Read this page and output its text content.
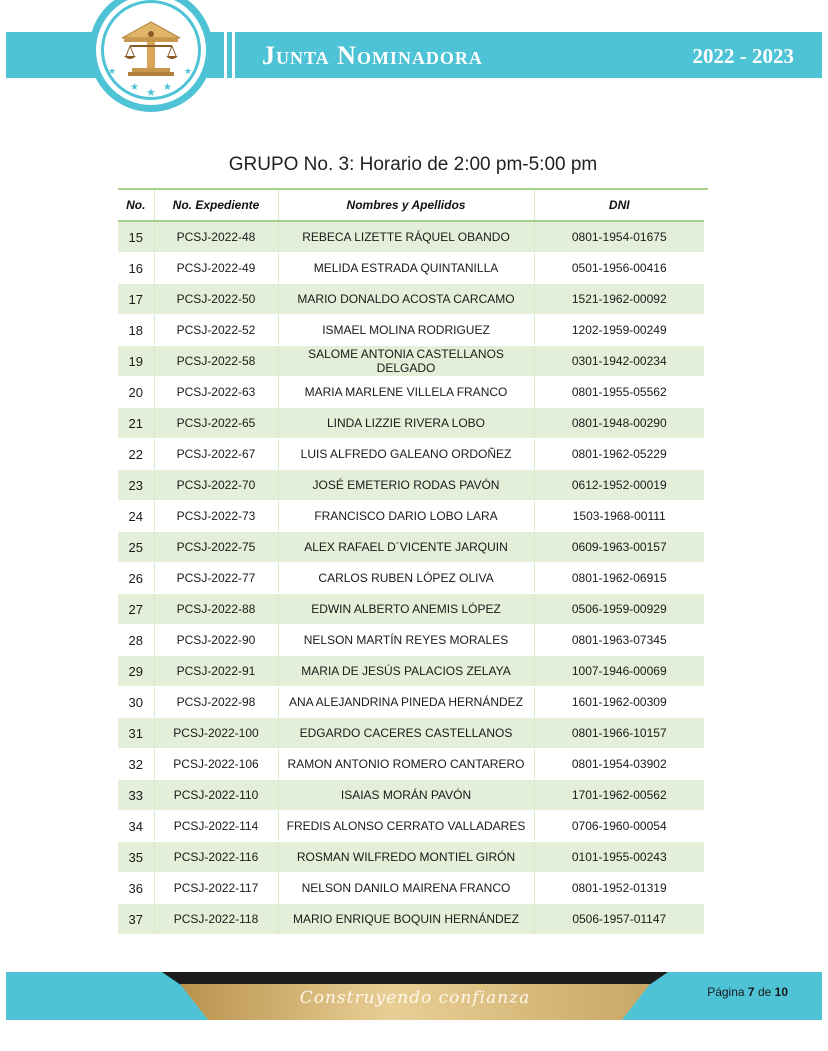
★ ★ ★
★	★
Junta Nominadora	2022 - 2023
GRUPO No. 3: Horario de 2:00 pm-5:00 pm
No.	No. Expediente	Nombres y Apellidos	DNI
15	PCSJ-2022-48	REBECA LIZETTE RÁQUEL OBANDO	0801-1954-01675
16	PCSJ-2022-49	MELIDA ESTRADA QUINTANILLA	0501-1956-00416
17	PCSJ-2022-50	MARIO DONALDO ACOSTA CARCAMO	1521-1962-00092
18	PCSJ-2022-52	ISMAEL MOLINA RODRIGUEZ	1202-1959-00249
19	PCSJ-2022-58	SALOME ANTONIA CASTELLANOS DELGADO	0301-1942-00234
20	PCSJ-2022-63	MARIA MARLENE VILLELA FRANCO	0801-1955-05562
21	PCSJ-2022-65	LINDA LIZZIE RIVERA LOBO	0801-1948-00290
22	PCSJ-2022-67	LUIS ALFREDO GALEANO ORDOÑEZ	0801-1962-05229
23	PCSJ-2022-70	JOSÉ EMETERIO RODAS PAVÓN	0612-1952-00019
24	PCSJ-2022-73	FRANCISCO DARIO LOBO LARA	1503-1968-00111
25	PCSJ-2022-75	ALEX RAFAEL D´VICENTE JARQUIN	0609-1963-00157
26	PCSJ-2022-77	CARLOS RUBEN LÓPEZ OLIVA	0801-1962-06915
27	PCSJ-2022-88	EDWIN ALBERTO ANEMIS LÓPEZ	0506-1959-00929
28	PCSJ-2022-90	NELSON MARTÍN REYES MORALES	0801-1963-07345
29	PCSJ-2022-91	MARIA DE JESÚS PALACIOS ZELAYA	1007-1946-00069
30	PCSJ-2022-98	ANA ALEJANDRINA PINEDA HERNÁNDEZ	1601-1962-00309
31	PCSJ-2022-100	EDGARDO CACERES CASTELLANOS	0801-1966-10157
32	PCSJ-2022-106	RAMON ANTONIO ROMERO CANTARERO	0801-1954-03902
33	PCSJ-2022-110	ISAIAS MORÁN PAVÓN	1701-1962-00562
34	PCSJ-2022-114	FREDIS ALONSO CERRATO VALLADARES	0706-1960-00054
35	PCSJ-2022-116	ROSMAN WILFREDO MONTIEL GIRÓN	0101-1955-00243
36	PCSJ-2022-117	NELSON DANILO MAIRENA FRANCO	0801-1952-01319
37	PCSJ-2022-118	MARIO ENRIQUE BOQUIN HERNÁNDEZ	0506-1957-01147
Construyendo confianza	Página 7 de 10
